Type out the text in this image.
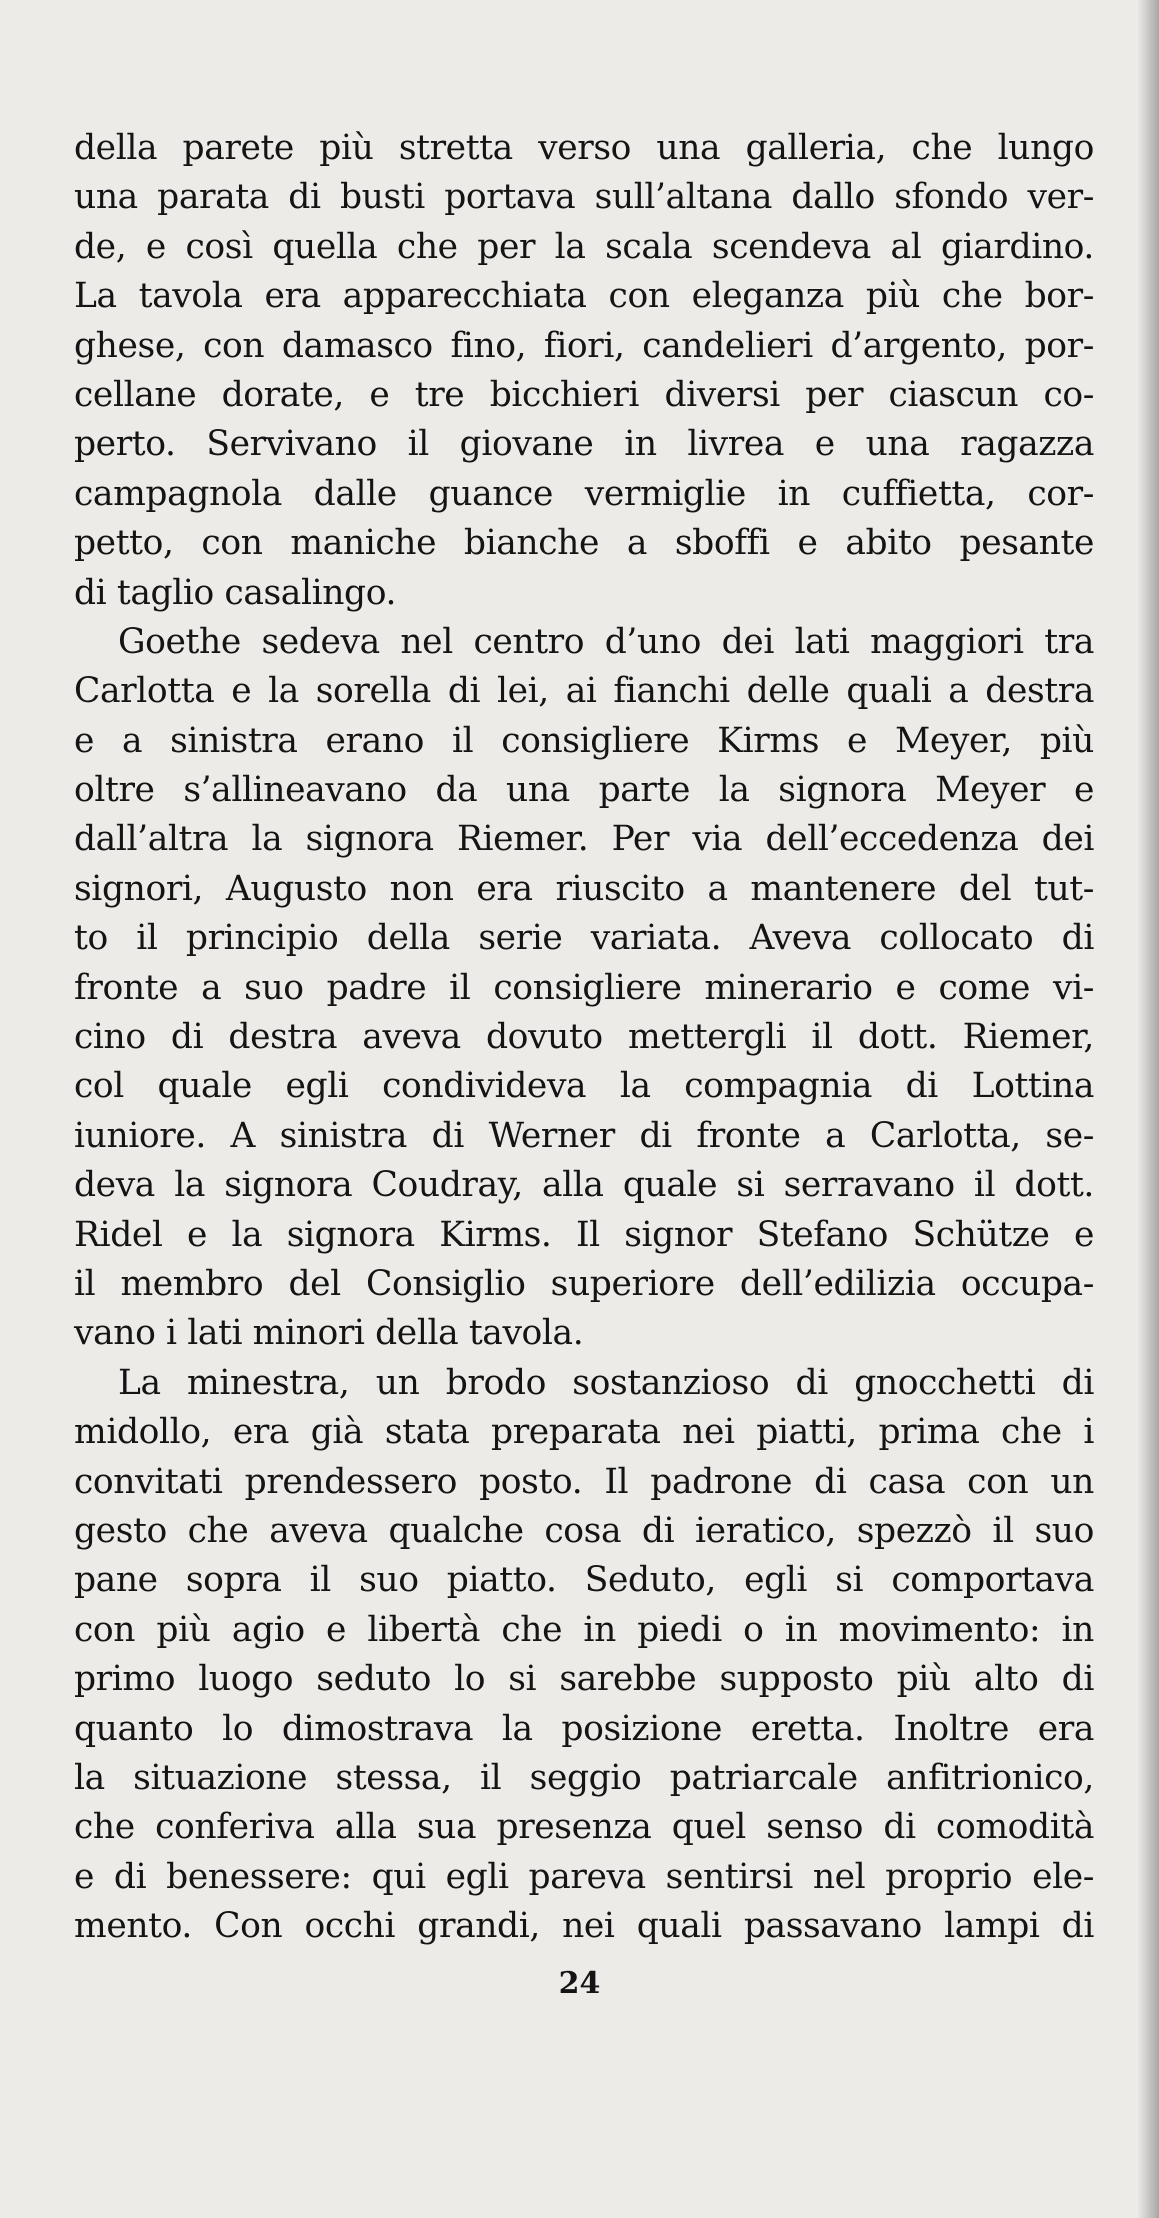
della parete più stretta verso una galleria, che lungo
una parata di busti portava sull’altana dallo sfondo ver-
de, e così quella che per la scala scendeva al giardino.
La tavola era apparecchiata con eleganza più che bor-
ghese, con damasco fino, fiori, candelieri d’argento, por-
cellane dorate, e tre bicchieri diversi per ciascun co-
perto. Servivano il giovane in livrea e una ragazza
campagnola dalle guance vermiglie in cuffietta, cor-
petto, con maniche bianche a sboffi e abito pesante
di taglio casalingo.
Goethe sedeva nel centro d’uno dei lati maggiori tra
Carlotta e la sorella di lei, ai fianchi delle quali a destra
e a sinistra erano il consigliere Kirms e Meyer, più
oltre s’allineavano da una parte la signora Meyer e
dall’altra la signora Riemer. Per via dell’eccedenza dei
signori, Augusto non era riuscito a mantenere del tut-
to il principio della serie variata. Aveva collocato di
fronte a suo padre il consigliere minerario e come vi-
cino di destra aveva dovuto mettergli il dott. Riemer,
col quale egli condivideva la compagnia di Lottina
iuniore. A sinistra di Werner di fronte a Carlotta, se-
deva la signora Coudray, alla quale si serravano il dott.
Ridel e la signora Kirms. Il signor Stefano Schütze e
il membro del Consiglio superiore dell’edilizia occupa-
vano i lati minori della tavola.
La minestra, un brodo sostanzioso di gnocchetti di
midollo, era già stata preparata nei piatti, prima che i
convitati prendessero posto. Il padrone di casa con un
gesto che aveva qualche cosa di ieratico, spezzò il suo
pane sopra il suo piatto. Seduto, egli si comportava
con più agio e libertà che in piedi o in movimento: in
primo luogo seduto lo si sarebbe supposto più alto di
quanto lo dimostrava la posizione eretta. Inoltre era
la situazione stessa, il seggio patriarcale anfitrionico,
che conferiva alla sua presenza quel senso di comodità
e di benessere: qui egli pareva sentirsi nel proprio ele-
mento. Con occhi grandi, nei quali passavano lampi di
24
